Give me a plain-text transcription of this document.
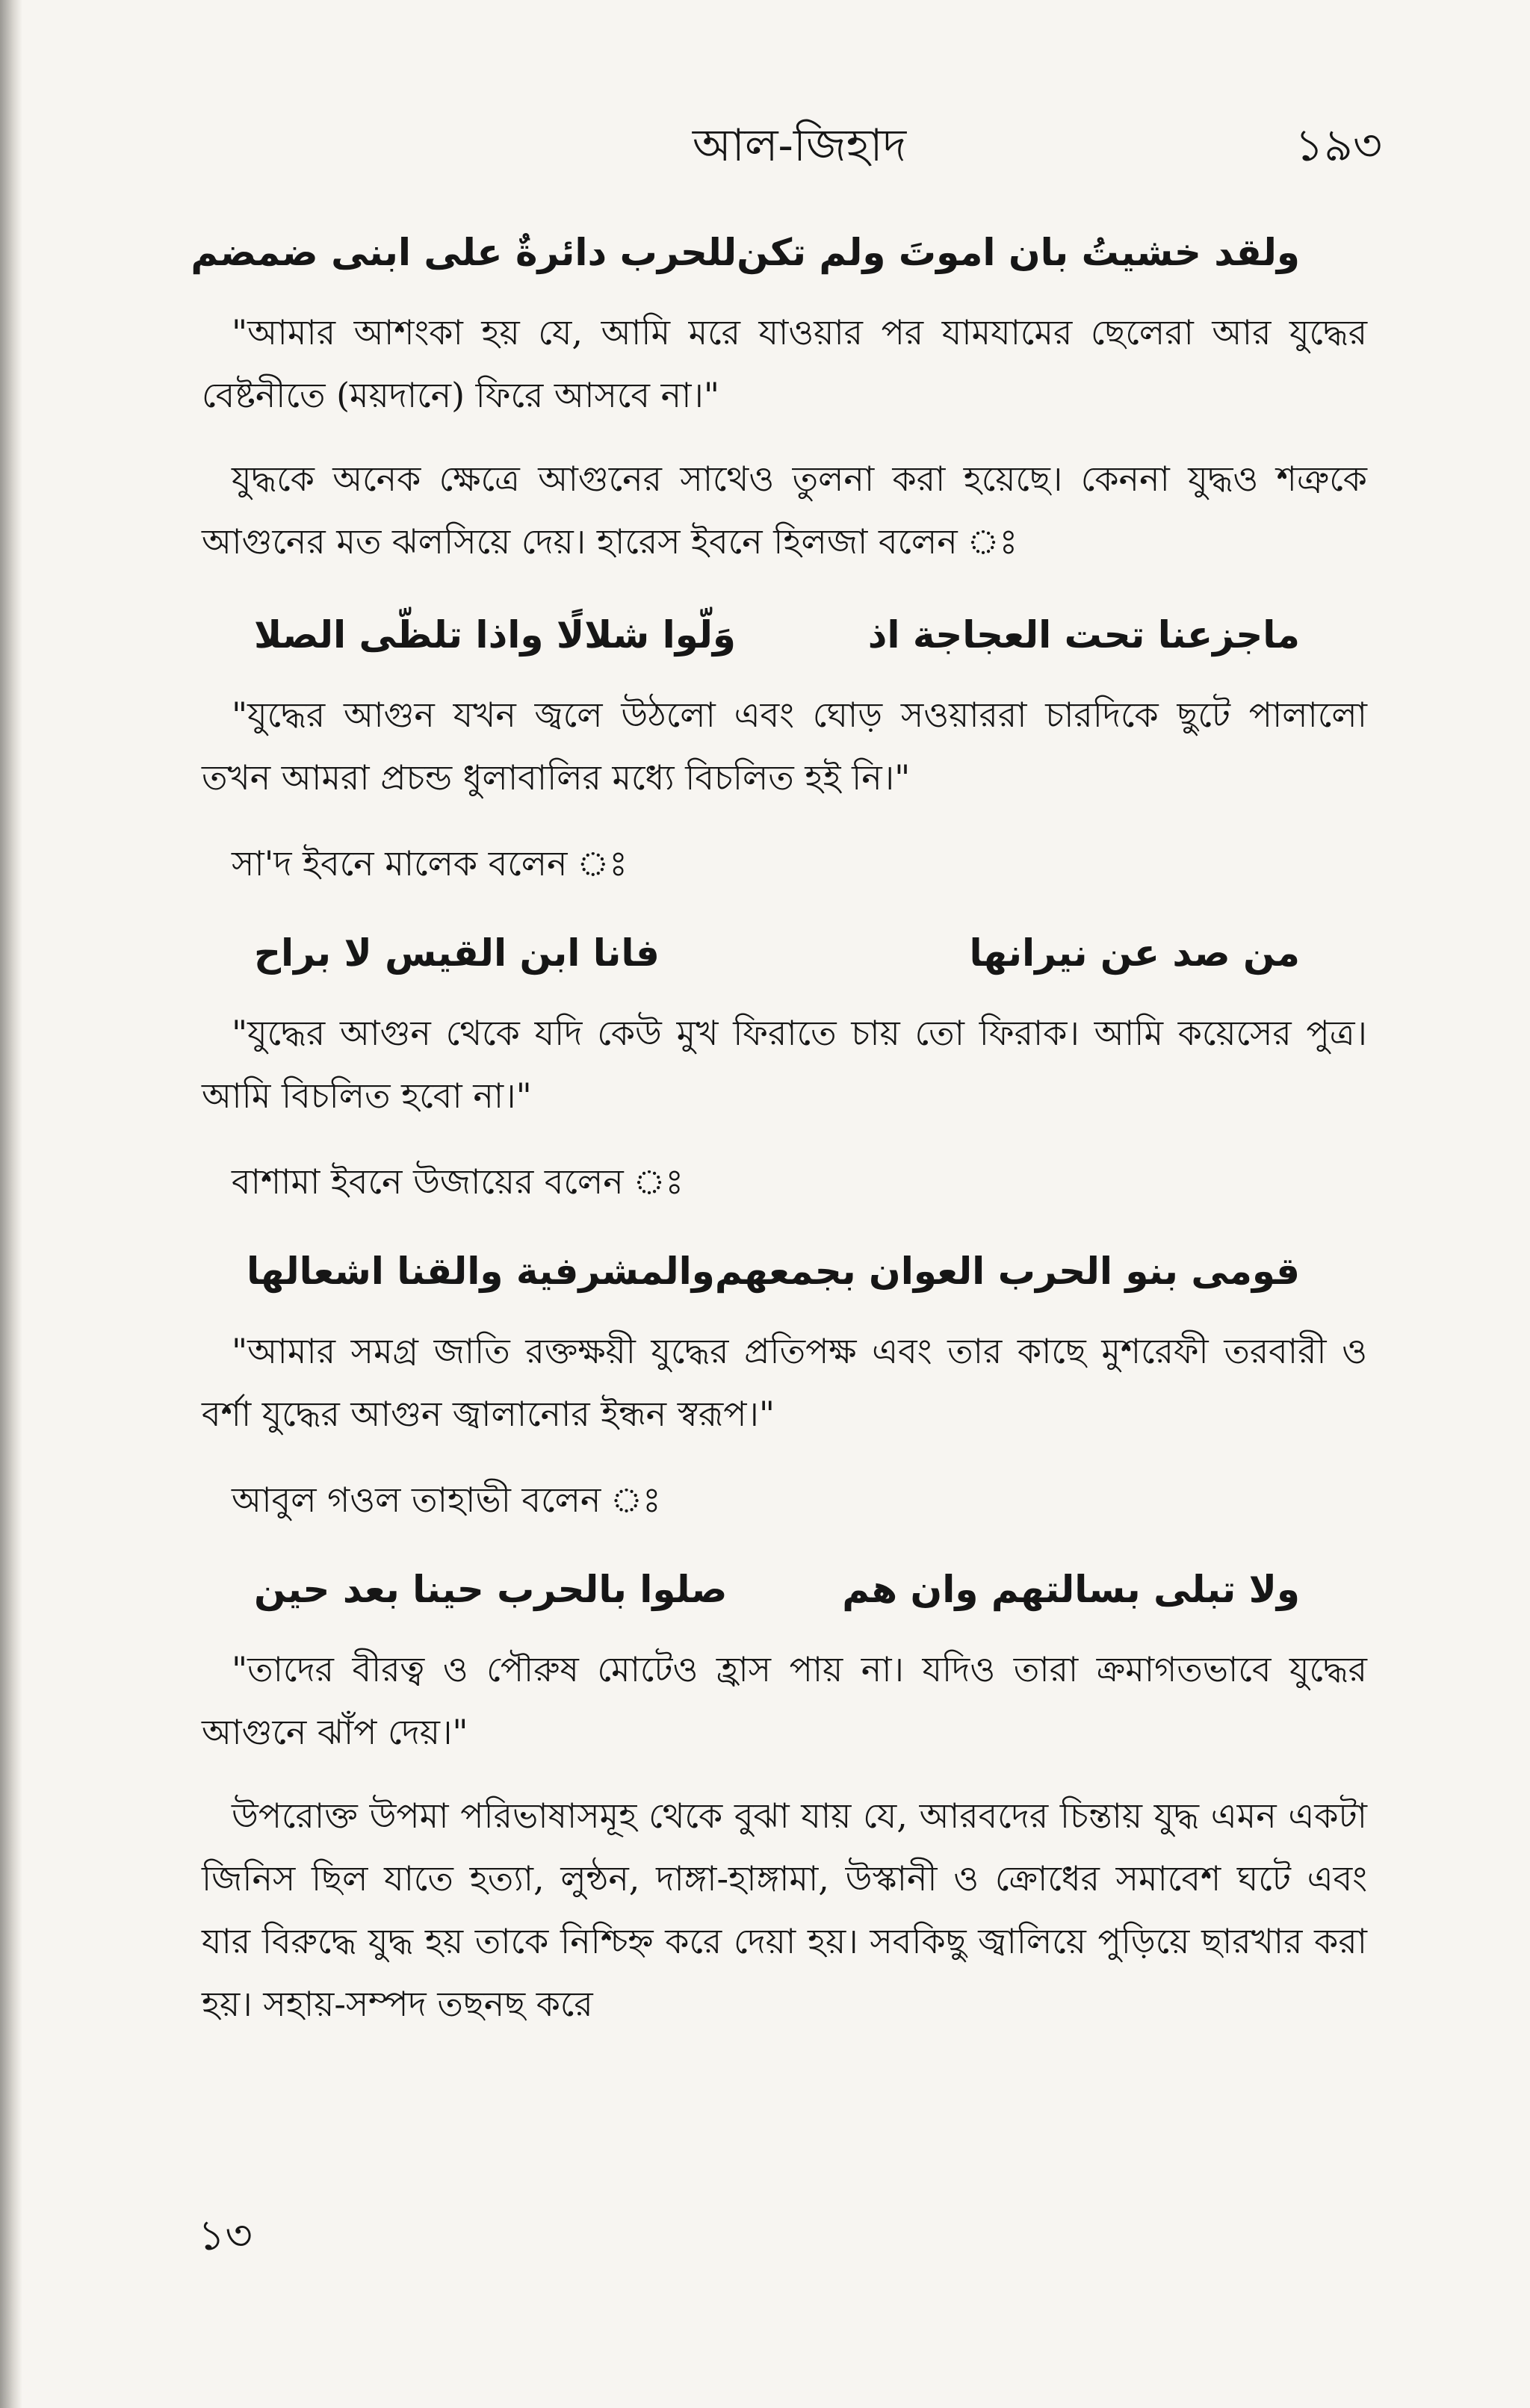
আল-জিহাদ	১৯৩
ولقد خشيتُ بان اموتَ ولم تكن
للحرب دائرةٌ على ابنى ضمضم

"আমার আশংকা হয় যে, আমি মরে যাওয়ার পর যামযামের ছেলেরা আর যুদ্ধের বেষ্টনীতে (ময়দানে) ফিরে আসবে না।"

যুদ্ধকে অনেক ক্ষেত্রে আগুনের সাথেও তুলনা করা হয়েছে। কেননা যুদ্ধও শত্রুকে আগুনের মত ঝলসিয়ে দেয়। হারেস ইবনে হিলজা বলেন ঃ

ماجزعنا تحت العجاجة اذ
وَلّوا شلالًا واذا تلظّى الصلا

"যুদ্ধের আগুন যখন জ্বলে উঠলো এবং ঘোড় সওয়াররা চারদিকে ছুটে পালালো তখন আমরা প্রচন্ড ধুলাবালির মধ্যে বিচলিত হই নি।"

সা'দ ইবনে মালেক বলেন ঃ

من صد عن نيرانها
فانا ابن القيس لا براح

"যুদ্ধের আগুন থেকে যদি কেউ মুখ ফিরাতে চায় তো ফিরাক। আমি কয়েসের পুত্র। আমি বিচলিত হবো না।"

বাশামা ইবনে উজায়ের বলেন ঃ

قومى بنو الحرب العوان بجمعهم
والمشرفية والقنا اشعالها

"আমার সমগ্র জাতি রক্তক্ষয়ী যুদ্ধের প্রতিপক্ষ এবং তার কাছে মুশরেফী তরবারী ও বর্শা যুদ্ধের আগুন জ্বালানোর ইন্ধন স্বরূপ।"

আবুল গওল তাহাভী বলেন ঃ

ولا تبلى بسالتهم وان هم
صلوا بالحرب حينا بعد حين

"তাদের বীরত্ব ও পৌরুষ মোটেও হ্রাস পায় না। যদিও তারা ক্রমাগতভাবে যুদ্ধের আগুনে ঝাঁপ দেয়।"

উপরোক্ত উপমা পরিভাষাসমূহ থেকে বুঝা যায় যে, আরবদের চিন্তায় যুদ্ধ এমন একটা জিনিস ছিল যাতে হত্যা, লুন্ঠন, দাঙ্গা-হাঙ্গামা, উস্কানী ও ক্রোধের সমাবেশ ঘটে এবং যার বিরুদ্ধে যুদ্ধ হয় তাকে নিশ্চিহ্ন করে দেয়া হয়। সবকিছু জ্বালিয়ে পুড়িয়ে ছারখার করা হয়। সহায়-সম্পদ তছনছ করে

১৩
